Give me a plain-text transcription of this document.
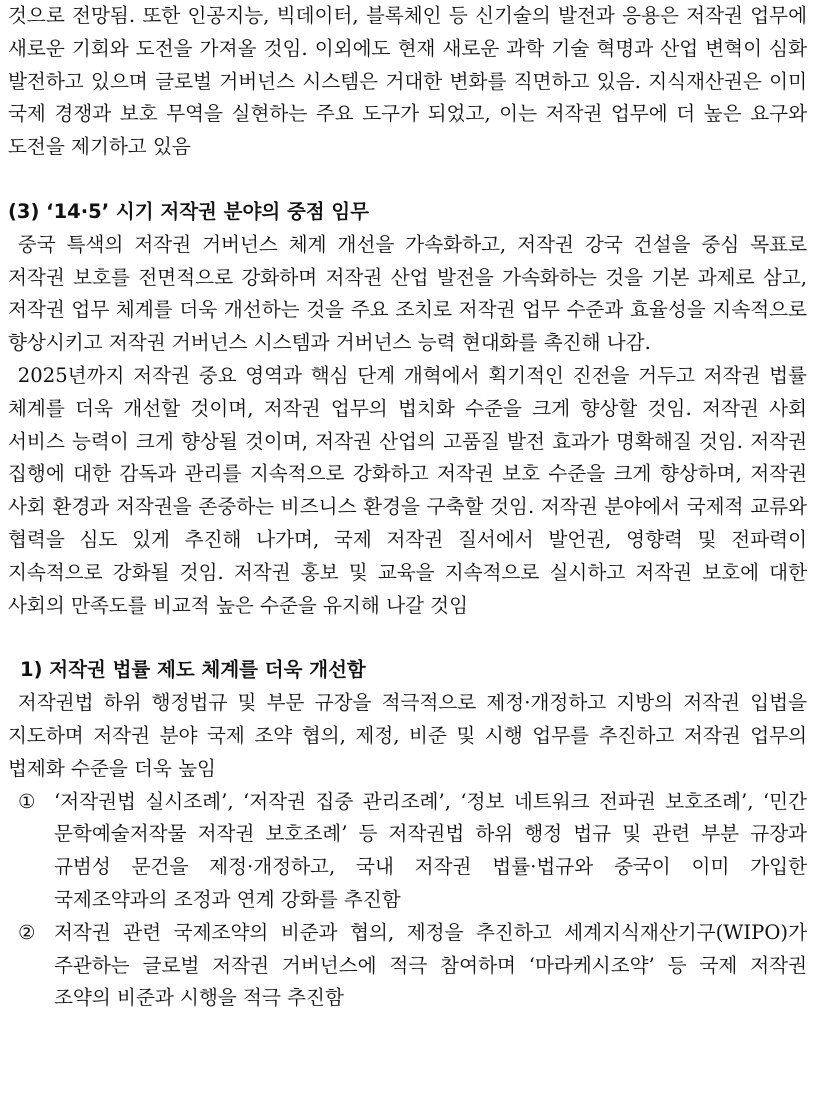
것으로 전망됨. 또한 인공지능, 빅데이터, 블록체인 등 신기술의 발전과 응용은 저작권 업무에 새로운 기회와 도전을 가져올 것임. 이외에도 현재 새로운 과학 기술 혁명과 산업 변혁이 심화 발전하고 있으며 글로벌 거버넌스 시스템은 거대한 변화를 직면하고 있음. 지식재산권은 이미 국제 경쟁과 보호 무역을 실현하는 주요 도구가 되었고, 이는 저작권 업무에 더 높은 요구와 도전을 제기하고 있음

(3) ‘14·5’ 시기 저작권 분야의 중점 임무

중국 특색의 저작권 거버넌스 체계 개선을 가속화하고, 저작권 강국 건설을 중심 목표로 저작권 보호를 전면적으로 강화하며 저작권 산업 발전을 가속화하는 것을 기본 과제로 삼고, 저작권 업무 체계를 더욱 개선하는 것을 주요 조치로 저작권 업무 수준과 효율성을 지속적으로 향상시키고 저작권 거버넌스 시스템과 거버넌스 능력 현대화를 촉진해 나감.

2025년까지 저작권 중요 영역과 핵심 단계 개혁에서 획기적인 진전을 거두고 저작권 법률 체계를 더욱 개선할 것이며, 저작권 업무의 법치화 수준을 크게 향상할 것임. 저작권 사회 서비스 능력이 크게 향상될 것이며, 저작권 산업의 고품질 발전 효과가 명확해질 것임. 저작권 집행에 대한 감독과 관리를 지속적으로 강화하고 저작권 보호 수준을 크게 향상하며, 저작권 사회 환경과 저작권을 존중하는 비즈니스 환경을 구축할 것임. 저작권 분야에서 국제적 교류와 협력을 심도 있게 추진해 나가며, 국제 저작권 질서에서 발언권, 영향력 및 전파력이 지속적으로 강화될 것임. 저작권 홍보 및 교육을 지속적으로 실시하고 저작권 보호에 대한 사회의 만족도를 비교적 높은 수준을 유지해 나갈 것임

1) 저작권 법률 제도 체계를 더욱 개선함

저작권법 하위 행정법규 및 부문 규장을 적극적으로 제정·개정하고 지방의 저작권 입법을 지도하며 저작권 분야 국제 조약 협의, 제정, 비준 및 시행 업무를 추진하고 저작권 업무의 법제화 수준을 더욱 높임

① ‘저작권법 실시조례’, ‘저작권 집중 관리조례’, ‘정보 네트워크 전파권 보호조례’, ‘민간 문학예술저작물 저작권 보호조례’ 등 저작권법 하위 행정 법규 및 관련 부분 규장과 규범성 문건을 제정·개정하고, 국내 저작권 법률·법규와 중국이 이미 가입한 국제조약과의 조정과 연계 강화를 추진함
② 저작권 관련 국제조약의 비준과 협의, 제정을 추진하고 세계지식재산기구(WIPO)가 주관하는 글로벌 저작권 거버넌스에 적극 참여하며 ‘마라케시조약’ 등 국제 저작권 조약의 비준과 시행을 적극 추진함
